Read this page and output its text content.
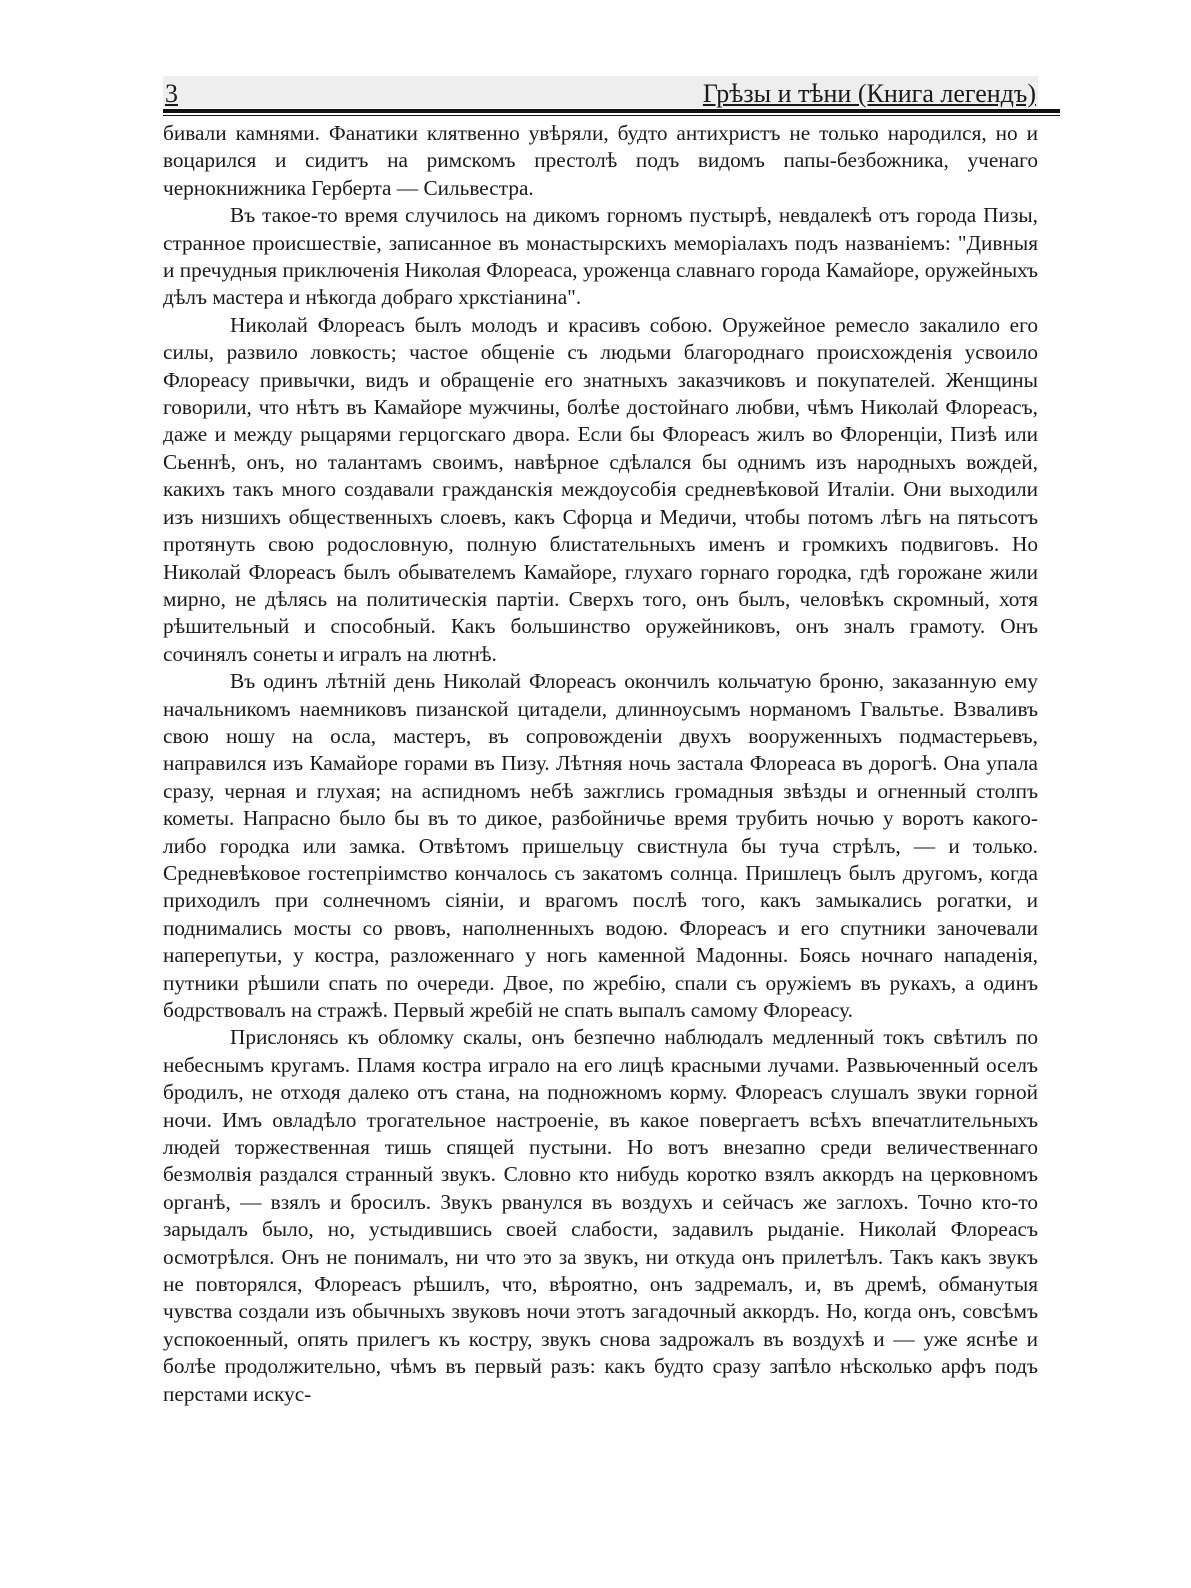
3	Грѣзы и тѣни (Книга легендъ)

бивали камнями. Фанатики клятвенно увѣряли, будто антихристъ не только народился, но и воцарился и сидитъ на римскомъ престолѣ подъ видомъ папы-безбожника, ученаго чернокнижника Герберта — Сильвестра.

Въ такое-то время случилось на дикомъ горномъ пустырѣ, невдалекѣ отъ города Пизы, странное происшествіе, записанное въ монастырскихъ меморіалахъ подъ названіемъ: "Дивныя и пречудныя приключенія Николая Флореаса, уроженца славнаго города Камайоре, оружейныхъ дѣлъ мастера и нѣкогда добраго хркстіанина".

Николай Флореасъ былъ молодъ и красивъ собою. Оружейное ремесло закалило его силы, развило ловкость; частое общеніе съ людьми благороднаго происхожденія усвоило Флореасу привычки, видъ и обращеніе его знатныхъ заказчиковъ и покупателей. Женщины говорили, что нѣтъ въ Камайоре мужчины, болѣе достойнаго любви, чѣмъ Николай Флореасъ, даже и между рыцарями герцогскаго двора. Если бы Флореасъ жилъ во Флоренціи, Пизѣ или Сьеннѣ, онъ, но талантамъ своимъ, навѣрное сдѣлался бы однимъ изъ народныхъ вождей, какихъ такъ много создавали гражданскія междоусобія средневѣковой Италіи. Они выходили изъ низшихъ общественныхъ слоевъ, какъ Сфорца и Медичи, чтобы потомъ лѣгь на пятьсотъ протянуть свою родословную, полную блистательныхъ именъ и громкихъ подвиговъ. Но Николай Флореасъ былъ обывателемъ Камайоре, глухаго горнаго городка, гдѣ горожане жили мирно, не дѣлясь на политическія партіи. Сверхъ того, онъ былъ, человѣкъ скромный, хотя рѣшительный и способный. Какъ большинство оружейниковъ, онъ зналъ грамоту. Онъ сочинялъ сонеты и игралъ на лютнѣ.

Въ одинъ лѣтній день Николай Флореасъ окончилъ кольчатую броню, заказанную ему начальникомъ наемниковъ пизанской цитадели, длинноусымъ норманомъ Гвальтье. Взваливъ свою ношу на осла, мастеръ, въ сопровожденіи двухъ вооруженныхъ подмастерьевъ, направился изъ Камайоре горами въ Пизу. Лѣтняя ночь застала Флореаса въ дорогѣ. Она упала сразу, черная и глухая; на аспидномъ небѣ зажглись громадныя звѣзды и огненный столпъ кометы. Напрасно было бы въ то дикое, разбойничье время трубить ночью у воротъ какого-либо городка или замка. Отвѣтомъ пришельцу свистнула бы туча стрѣлъ, — и только. Средневѣковое гостепріимство кончалось съ закатомъ солнца. Пришлецъ былъ другомъ, когда приходилъ при солнечномъ сіяніи, и врагомъ послѣ того, какъ замыкались рогатки, и поднимались мосты со рвовъ, наполненныхъ водою. Флореасъ и его спутники заночевали наперепутьи, у костра, разложеннаго у ногь каменной Мадонны. Боясь ночнаго нападенія, путники рѣшили спать по очереди. Двое, по жребію, спали съ оружіемъ въ рукахъ, а одинъ бодрствовалъ на стражѣ. Первый жребій не спать выпалъ самому Флореасу.

Прислонясь къ обломку скалы, онъ безпечно наблюдалъ медленный токъ свѣтилъ по небеснымъ кругамъ. Пламя костра играло на его лицѣ красными лучами. Развьюченный оселъ бродилъ, не отходя далеко отъ стана, на подножномъ корму. Флореасъ слушалъ звуки горной ночи. Имъ овладѣло трогательное настроеніе, въ какое повергаетъ всѣхъ впечатлительныхъ людей торжественная тишь спящей пустыни. Но вотъ внезапно среди величественнаго безмолвія раздался странный звукъ. Словно кто нибудь коротко взялъ аккордъ на церковномъ органѣ, — взялъ и бросилъ. Звукъ рванулся въ воздухъ и сейчасъ же заглохъ. Точно кто-то зарыдалъ было, но, устыдившись своей слабости, задавилъ рыданіе. Николай Флореасъ осмотрѣлся. Онъ не понималъ, ни что это за звукъ, ни откуда онъ прилетѣлъ. Такъ какъ звукъ не повторялся, Флореасъ рѣшилъ, что, вѣроятно, онъ задремалъ, и, въ дремѣ, обманутыя чувства создали изъ обычныхъ звуковъ ночи этотъ загадочный аккордъ. Но, когда онъ, совсѣмъ успокоенный, опять прилегъ къ костру, звукъ снова задрожалъ въ воздухѣ и — уже яснѣе и болѣе продолжительно, чѣмъ въ первый разъ: какъ будто сразу запѣло нѣсколько арфъ подъ перстами искус-
